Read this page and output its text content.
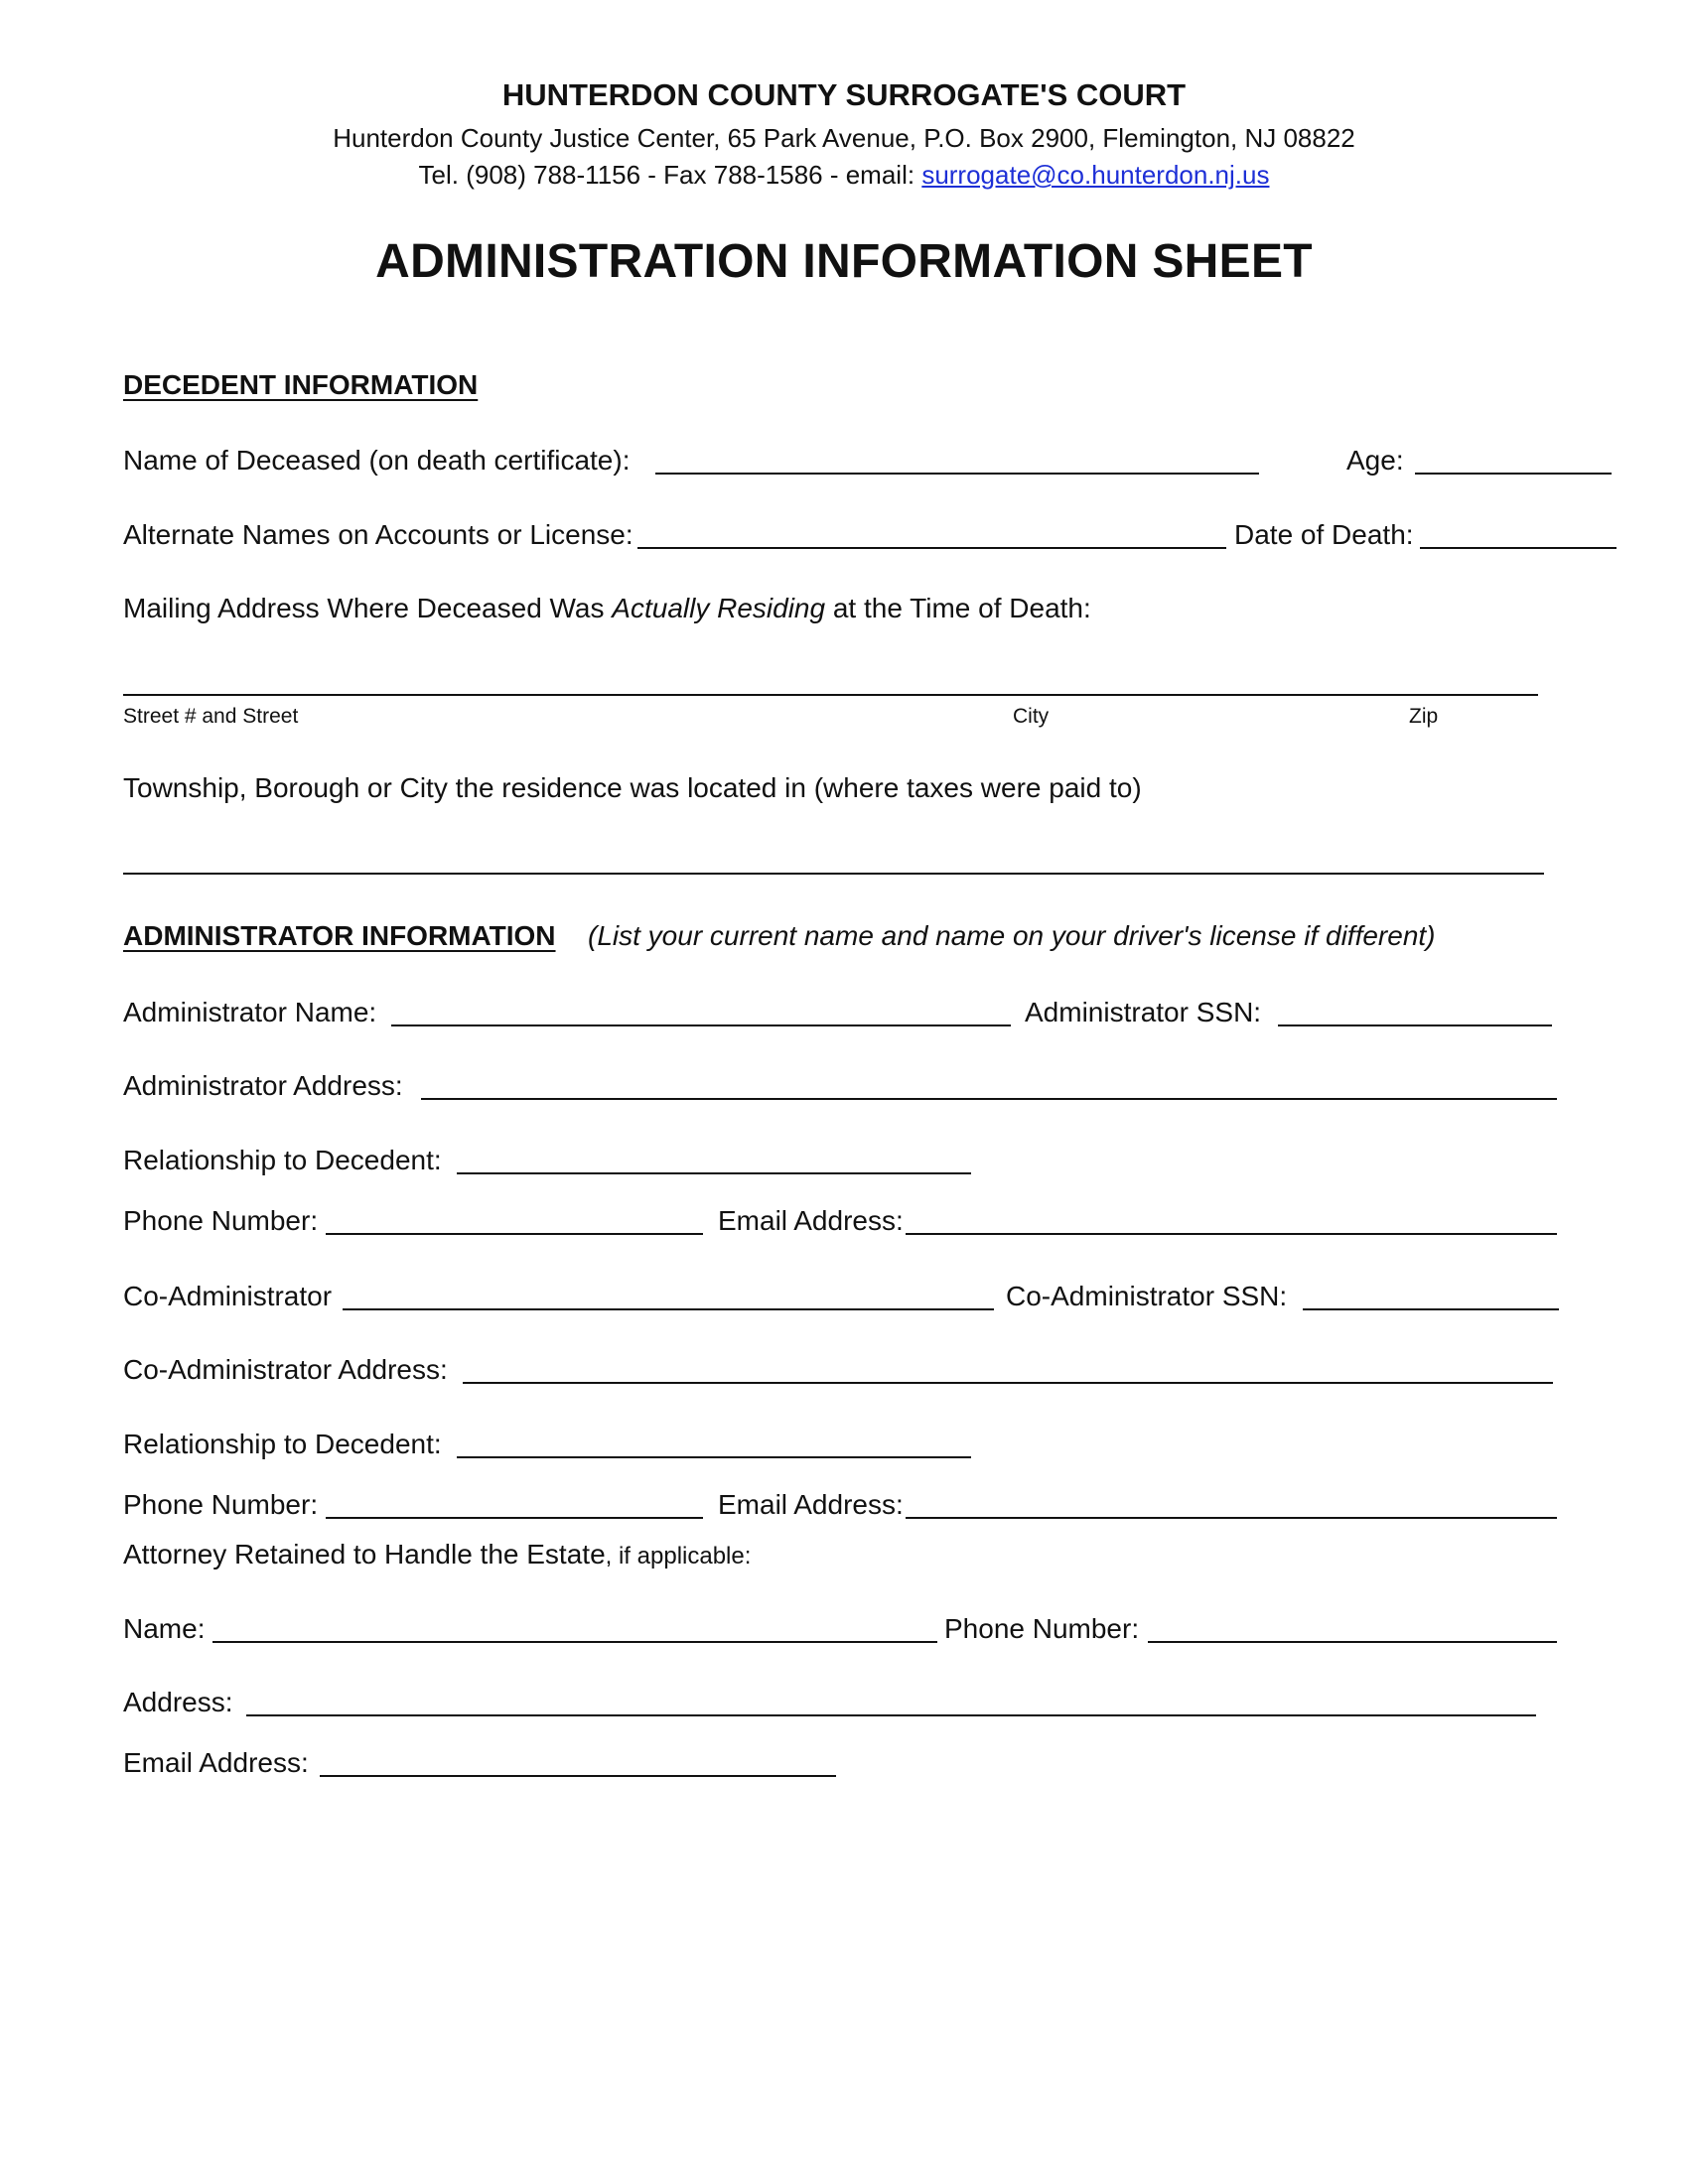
HUNTERDON COUNTY SURROGATE'S COURT
Hunterdon County Justice Center, 65 Park Avenue, P.O. Box 2900, Flemington, NJ 08822
Tel. (908) 788-1156 - Fax 788-1586 - email: surrogate@co.hunterdon.nj.us
ADMINISTRATION INFORMATION SHEET
DECEDENT INFORMATION
Name of Deceased (on death certificate):	Age:
Alternate Names on Accounts or License:	Date of Death:
Mailing Address Where Deceased Was Actually Residing at the Time of Death:
Street # and Street	City	Zip
Township, Borough or City the residence was located in (where taxes were paid to)
ADMINISTRATOR INFORMATION (List your current name and name on your driver's license if different)
Administrator Name:	Administrator SSN:
Administrator Address:
Relationship to Decedent:
Phone Number:	Email Address:
Co-Administrator	Co-Administrator SSN:
Co-Administrator Address:
Relationship to Decedent:
Phone Number:	Email Address:
Attorney Retained to Handle the Estate, if applicable:
Name:	Phone Number:
Address:
Email Address:
